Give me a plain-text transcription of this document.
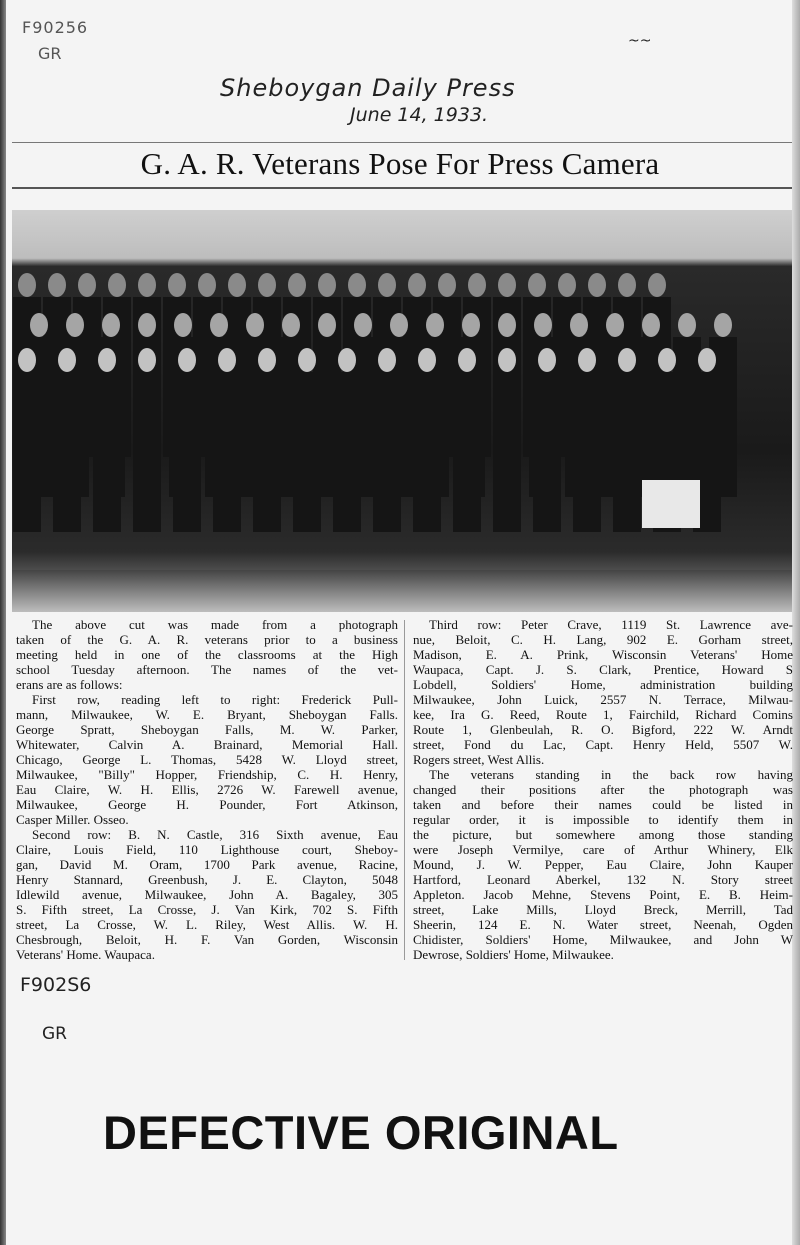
F90256
GR
~~
Sheboygan Daily Press
June 14, 1933.
G. A. R. Veterans Pose For Press Camera
The above cut was made from a photograph
taken of the G. A. R. veterans prior to a business
meeting held in one of the classrooms at the High
school Tuesday afternoon. The names of the vet-
erans are as follows:
First row, reading left to right: Frederick Pull-
mann, Milwaukee, W. E. Bryant, Sheboygan Falls.
George Spratt, Sheboygan Falls, M. W. Parker,
Whitewater, Calvin A. Brainard, Memorial Hall.
Chicago, George L. Thomas, 5428 W. Lloyd street,
Milwaukee, "Billy" Hopper, Friendship, C. H. Henry,
Eau Claire, W. H. Ellis, 2726 W. Farewell avenue,
Milwaukee, George H. Pounder, Fort Atkinson,
Casper Miller. Osseo.
Second row: B. N. Castle, 316 Sixth avenue, Eau
Claire, Louis Field, 110 Lighthouse court, Sheboy-
gan, David M. Oram, 1700 Park avenue, Racine,
Henry Stannard, Greenbush, J. E. Clayton, 5048
Idlewild avenue, Milwaukee, John A. Bagaley, 305
S. Fifth street, La Crosse, J. Van Kirk, 702 S. Fifth
street, La Crosse, W. L. Riley, West Allis. W. H.
Chesbrough, Beloit, H. F. Van Gorden, Wisconsin
Veterans' Home. Waupaca.
Third row: Peter Crave, 1119 St. Lawrence ave-
nue, Beloit, C. H. Lang, 902 E. Gorham street,
Madison, E. A. Prink, Wisconsin Veterans' Home
Waupaca, Capt. J. S. Clark, Prentice, Howard S
Lobdell, Soldiers' Home, administration building
Milwaukee, John Luick, 2557 N. Terrace, Milwau-
kee, Ira G. Reed, Route 1, Fairchild, Richard Comins
Route 1, Glenbeulah, R. O. Bigford, 222 W. Arndt
street, Fond du Lac, Capt. Henry Held, 5507 W.
Rogers street, West Allis.
The veterans standing in the back row having
changed their positions after the photograph was
taken and before their names could be listed in
regular order, it is impossible to identify them in
the picture, but somewhere among those standing
were Joseph Vermilye, care of Arthur Whinery, Elk
Mound, J. W. Pepper, Eau Claire, John Kauper
Hartford, Leonard Aberkel, 132 N. Story street
Appleton. Jacob Mehne, Stevens Point, E. B. Heim-
street, Lake Mills, Lloyd Breck, Merrill, Tad
Sheerin, 124 E. N. Water street, Neenah, Ogden
Chidister, Soldiers' Home, Milwaukee, and John W
Dewrose, Soldiers' Home, Milwaukee.
F902S6
GR
DEFECTIVE ORIGINAL
